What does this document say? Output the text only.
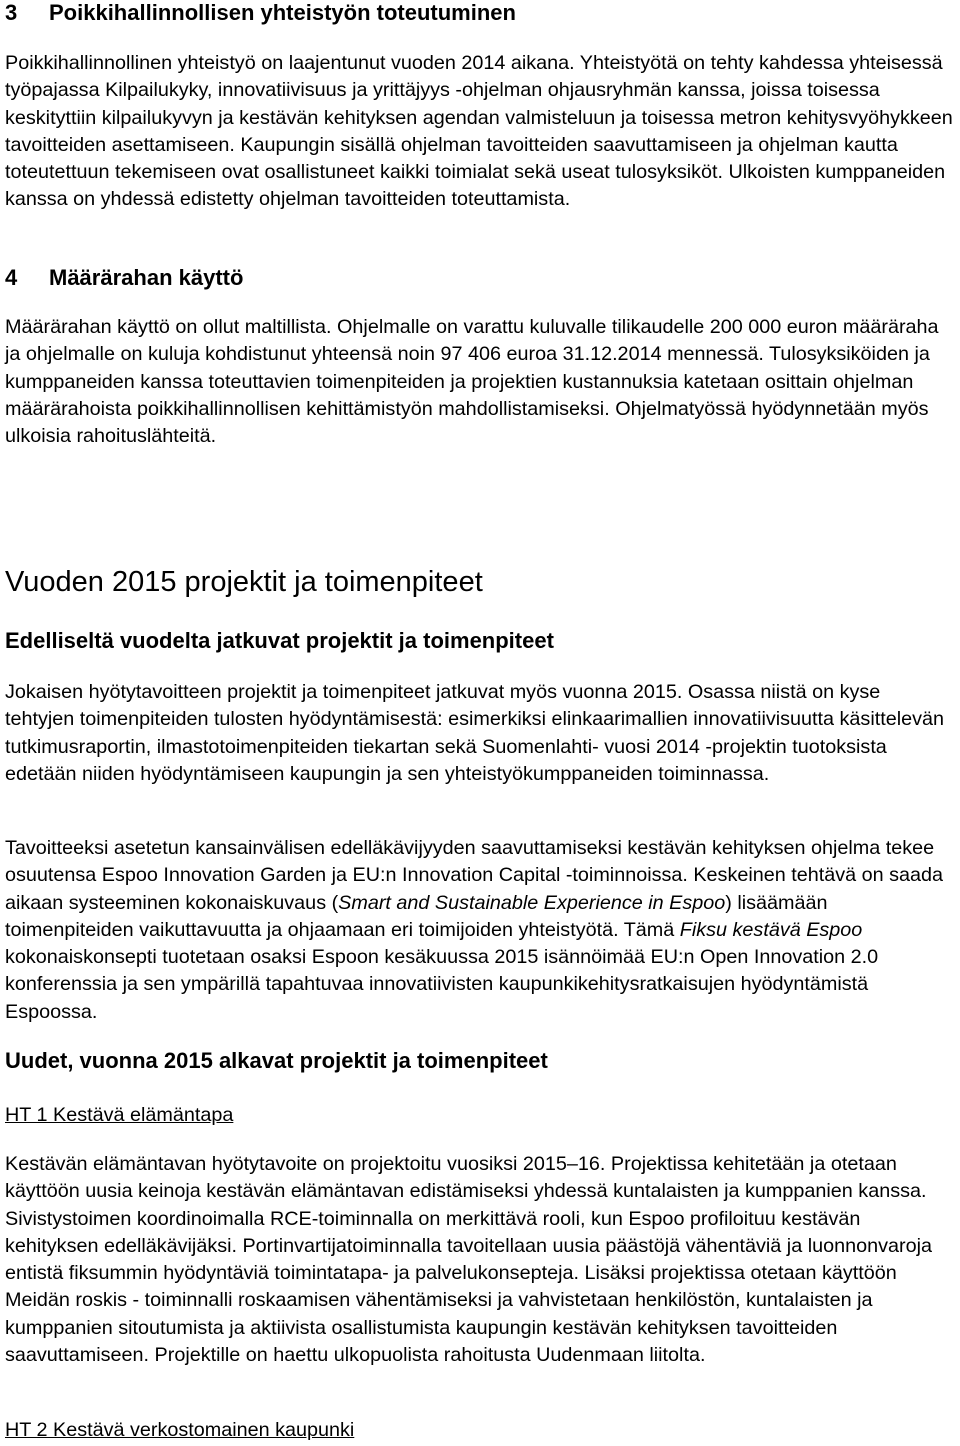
3 Poikkihallinnollisen yhteistyön toteutuminen
Poikkihallinnollinen yhteistyö on laajentunut vuoden 2014 aikana. Yhteistyötä on tehty kahdessa yhteisessä työpajassa Kilpailukyky, innovatiivisuus ja yrittäjyys -ohjelman ohjausryhmän kanssa, joissa toisessa keskityttiin kilpailukyvyn ja kestävän kehityksen agendan valmisteluun ja toisessa metron kehitysvyöhykkeen tavoitteiden asettamiseen. Kaupungin sisällä ohjelman tavoitteiden saavuttamiseen ja ohjelman kautta toteutettuun tekemiseen ovat osallistuneet kaikki toimialat sekä useat tulosyksiköt. Ulkoisten kumppaneiden kanssa on yhdessä edistetty ohjelman tavoitteiden toteuttamista.
4 Määrärahan käyttö
Määrärahan käyttö on ollut maltillista. Ohjelmalle on varattu kuluvalle tilikaudelle 200 000 euron määräraha ja ohjelmalle on kuluja kohdistunut yhteensä noin 97 406 euroa 31.12.2014 mennessä. Tulosyksiköiden ja kumppaneiden kanssa toteuttavien toimenpiteiden ja projektien kustannuksia katetaan osittain ohjelman määrärahoista poikkihallinnollisen kehittämistyön mahdollistamiseksi. Ohjelmatyössä hyödynnetään myös ulkoisia rahoituslähteitä.
Vuoden 2015 projektit ja toimenpiteet
Edelliseltä vuodelta jatkuvat projektit ja toimenpiteet
Jokaisen hyötytavoitteen projektit ja toimenpiteet jatkuvat myös vuonna 2015. Osassa niistä on kyse tehtyjen toimenpiteiden tulosten hyödyntämisestä: esimerkiksi elinkaarimallien innovatiivisuutta käsittelevän tutkimusraportin, ilmastotoimenpiteiden tiekartan sekä Suomenlahti- vuosi 2014 -projektin tuotoksista edetään niiden hyödyntämiseen kaupungin ja sen yhteistyökumppaneiden toiminnassa.
Tavoitteeksi asetetun kansainvälisen edelläkävijyyden saavuttamiseksi kestävän kehityksen ohjelma tekee osuutensa Espoo Innovation Garden ja EU:n Innovation Capital -toiminnoissa. Keskeinen tehtävä on saada aikaan systeeminen kokonaiskuvaus (Smart and Sustainable Experience in Espoo) lisäämään toimenpiteiden vaikuttavuutta ja ohjaamaan eri toimijoiden yhteistyötä. Tämä Fiksu kestävä Espoo kokonaiskonsepti tuotetaan osaksi Espoon kesäkuussa 2015 isännöimää EU:n Open Innovation 2.0 konferenssia ja sen ympärillä tapahtuvaa innovatiivisten kaupunkikehitysratkaisujen hyödyntämistä Espoossa.
Uudet, vuonna 2015 alkavat projektit ja toimenpiteet
HT 1 Kestävä elämäntapa
Kestävän elämäntavan hyötytavoite on projektoitu vuosiksi 2015–16. Projektissa kehitetään ja otetaan käyttöön uusia keinoja kestävän elämäntavan edistämiseksi yhdessä kuntalaisten ja kumppanien kanssa. Sivistystoimen koordinoimalla RCE-toiminnalla on merkittävä rooli, kun Espoo profiloituu kestävän kehityksen edelläkävijäksi. Portinvartijatoiminnalla tavoitellaan uusia päästöjä vähentäviä ja luonnonvaroja entistä fiksummin hyödyntäviä toimintatapa- ja palvelukonsepteja. Lisäksi projektissa otetaan käyttöön Meidän roskis - toiminnalli roskaamisen vähentämiseksi ja vahvistetaan henkilöstön, kuntalaisten ja kumppanien sitoutumista ja aktiivista osallistumista kaupungin kestävän kehityksen tavoitteiden saavuttamiseen. Projektille on haettu ulkopuolista rahoitusta Uudenmaan liitolta.
HT 2 Kestävä verkostomainen kaupunki
